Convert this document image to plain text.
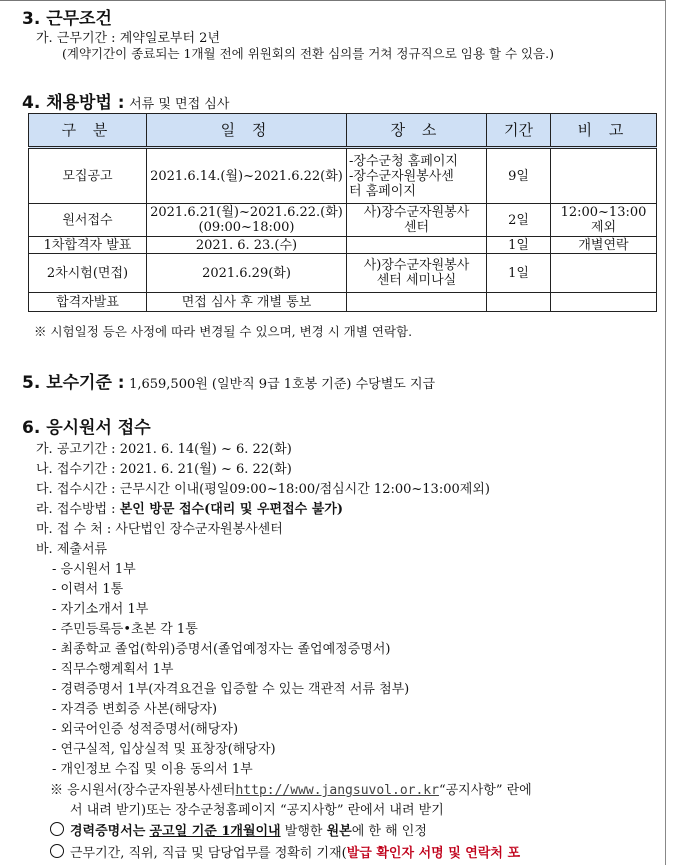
3. 근무조건
가. 근무기간 : 계약일로부터 2년
(계약기간이 종료되는 1개월 전에 위원회의 전환 심의를 거쳐 정규직으로 임용 할 수 있음.)
4. 채용방법 : 서류 및 면접 심사
구 분	일 정	장 소	기간	비 고
모집공고	2021.6.14.(월)~2021.6.22(화)	-장수군청 홈페이지
-장수군자원봉사센
터 홈페이지	9일	
원서접수	2021.6.21(월)~2021.6.22.(화)
(09:00~18:00)	사)장수군자원봉사
센터	2일	12:00~13:00
제외
1차합격자 발표	2021. 6. 23.(수)		1일	개별연락
2차시험(면접)	2021.6.29(화)	사)장수군자원봉사
센터 세미나실	1일	
합격자발표	면접 심사 후 개별 통보			
※ 시험일정 등은 사정에 따라 변경될 수 있으며, 변경 시 개별 연락함.
5. 보수기준 : 1,659,500원 (일반직 9급 1호봉 기준) 수당별도 지급
6. 응시원서 접수
가. 공고기간 : 2021. 6. 14(월) ~ 6. 22(화)
나. 접수기간 : 2021. 6. 21(월) ~ 6. 22(화)
다. 접수시간 : 근무시간 이내(평일09:00~18:00/점심시간 12:00~13:00제외)
라. 접수방법 : 본인 방문 접수(대리 및 우편접수 불가)
마. 접 수 처 : 사단법인 장수군자원봉사센터
바. 제출서류
- 응시원서 1부
- 이력서 1통
- 자기소개서 1부
- 주민등록등•초본 각 1통
- 최종학교 졸업(학위)증명서(졸업예정자는 졸업예정증명서)
- 직무수행계획서 1부
- 경력증명서 1부(자격요건을 입증할 수 있는 객관적 서류 첨부)
- 자격증 변회증 사본(해당자)
- 외국어인증 성적증명서(해당자)
- 연구실적, 입상실적 및 표창장(해당자)
- 개인정보 수집 및 이용 동의서 1부
※ 응시원서(장수군자원봉사센터http://www.jangsuvol.or.kr“공지사항” 란에
서 내려 받기)또는 장수군청홈페이지 “공지사항” 란에서 내려 받기
경력증명서는 공고일 기준 1개월이내 발행한 원본에 한 해 인정
근무기간, 직위, 직급 및 담당업무를 정확히 기재(발급 확인자 서명 및 연락처 포
